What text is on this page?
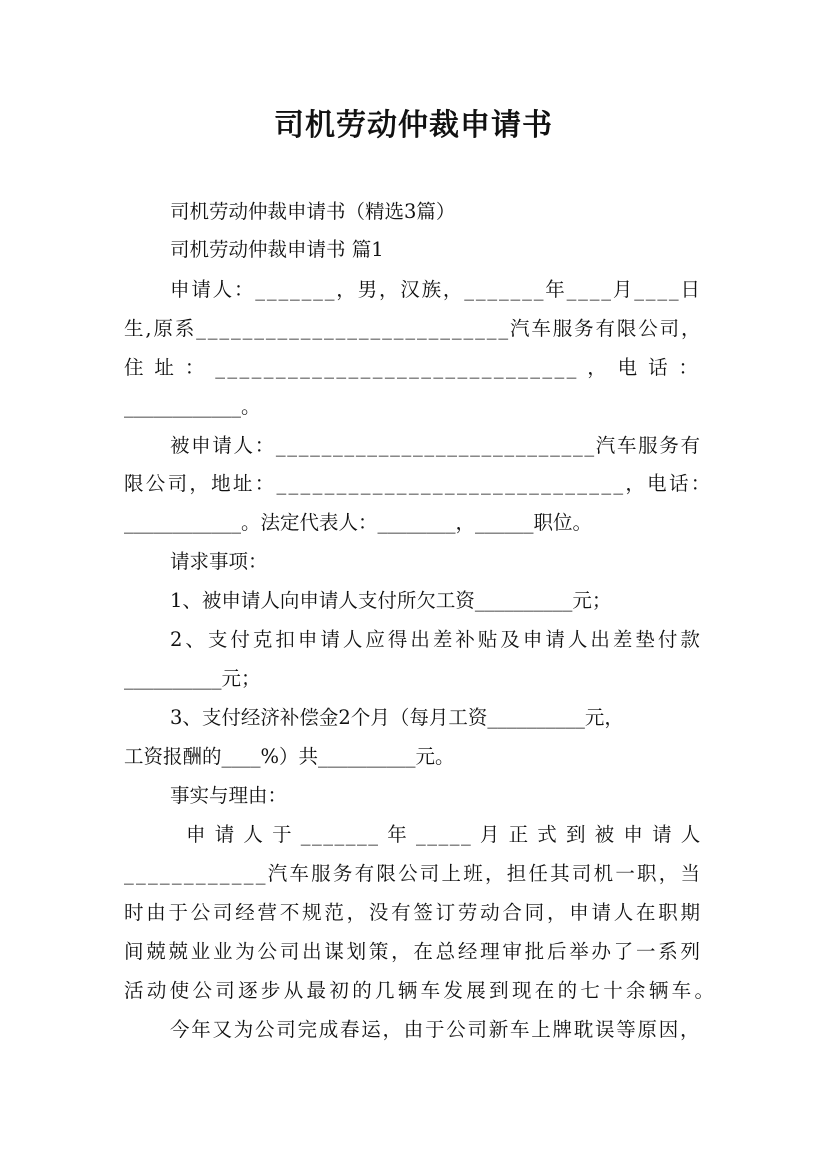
司机劳动仲裁申请书
司机劳动仲裁申请书（精选3篇）
司机劳动仲裁申请书 篇1
申请人：_______，男，汉族，_______年____月____日
生,原系___________________________汽车服务有限公司，
住 址 ： ______________________________ ， 电 话 ：
____________。
被申请人：____________________________汽车服务有
限公司，地址：_____________________________，电话：
____________。法定代表人：________，______职位。
请求事项：
1、被申请人向申请人支付所欠工资__________元；
2、支付克扣申请人应得出差补贴及申请人出差垫付款
__________元；
3、支付经济补偿金2个月（每月工资__________元，
工资报酬的____%）共__________元。
事实与理由：
申 请 人 于 _______ 年 _____ 月 正 式 到 被 申 请 人
____________汽车服务有限公司上班，担任其司机一职，当
时由于公司经营不规范，没有签订劳动合同，申请人在职期
间兢兢业业为公司出谋划策，在总经理审批后举办了一系列
活动使公司逐步从最初的几辆车发展到现在的七十余辆车。
今年又为公司完成春运，由于公司新车上牌耽误等原因，
